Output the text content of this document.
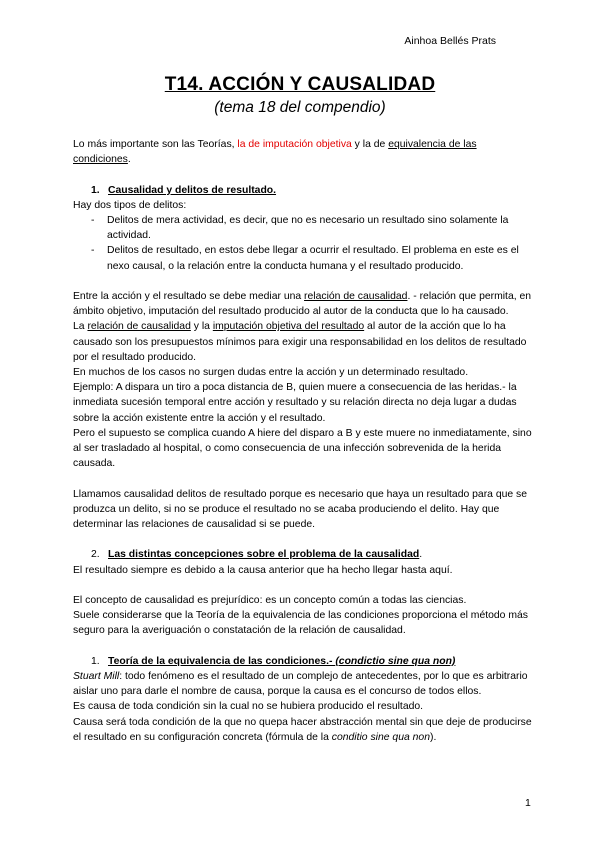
Ainhoa Bellés Prats
T14. ACCIÓN Y CAUSALIDAD
(tema 18 del compendio)

Lo más importante son las Teorías, la de imputación objetiva y la de equivalencia de las condiciones.

1. Causalidad y delitos de resultado.

Hay dos tipos de delitos:

- Delitos de mera actividad, es decir, que no es necesario un resultado sino solamente la actividad.
- Delitos de resultado, en estos debe llegar a ocurrir el resultado. El problema en este es el nexo causal, o la relación entre la conducta humana y el resultado producido.

Entre la acción y el resultado se debe mediar una relación de causalidad. - relación que permita, en ámbito objetivo, imputación del resultado producido al autor de la conducta que lo ha causado.

La relación de causalidad y la imputación objetiva del resultado al autor de la acción que lo ha causado son los presupuestos mínimos para exigir una responsabilidad en los delitos de resultado por el resultado producido.

En muchos de los casos no surgen dudas entre la acción y un determinado resultado.

Ejemplo: A dispara un tiro a poca distancia de B, quien muere a consecuencia de las heridas.- la inmediata sucesión temporal entre acción y resultado y su relación directa no deja lugar a dudas sobre la acción existente entre la acción y el resultado.

Pero el supuesto se complica cuando A hiere del disparo a B y este muere no inmediatamente, sino al ser trasladado al hospital, o como consecuencia de una infección sobrevenida de la herida causada.

Llamamos causalidad delitos de resultado porque es necesario que haya un resultado para que se produzca un delito, si no se produce el resultado no se acaba produciendo el delito. Hay que determinar las relaciones de causalidad si se puede.

2. Las distintas concepciones sobre el problema de la causalidad.

El resultado siempre es debido a la causa anterior que ha hecho llegar hasta aquí.

El concepto de causalidad es prejurídico: es un concepto común a todas las ciencias.

Suele considerarse que la Teoría de la equivalencia de las condiciones proporciona el método más seguro para la averiguación o constatación de la relación de causalidad.

1. Teoría de la equivalencia de las condiciones.- (condictio sine qua non)

Stuart Mill: todo fenómeno es el resultado de un complejo de antecedentes, por lo que es arbitrario aislar uno para darle el nombre de causa, porque la causa es el concurso de todos ellos.

Es causa de toda condición sin la cual no se hubiera producido el resultado.

Causa será toda condición de la que no quepa hacer abstracción mental sin que deje de producirse el resultado en su configuración concreta (fórmula de la conditio sine qua non).

1
